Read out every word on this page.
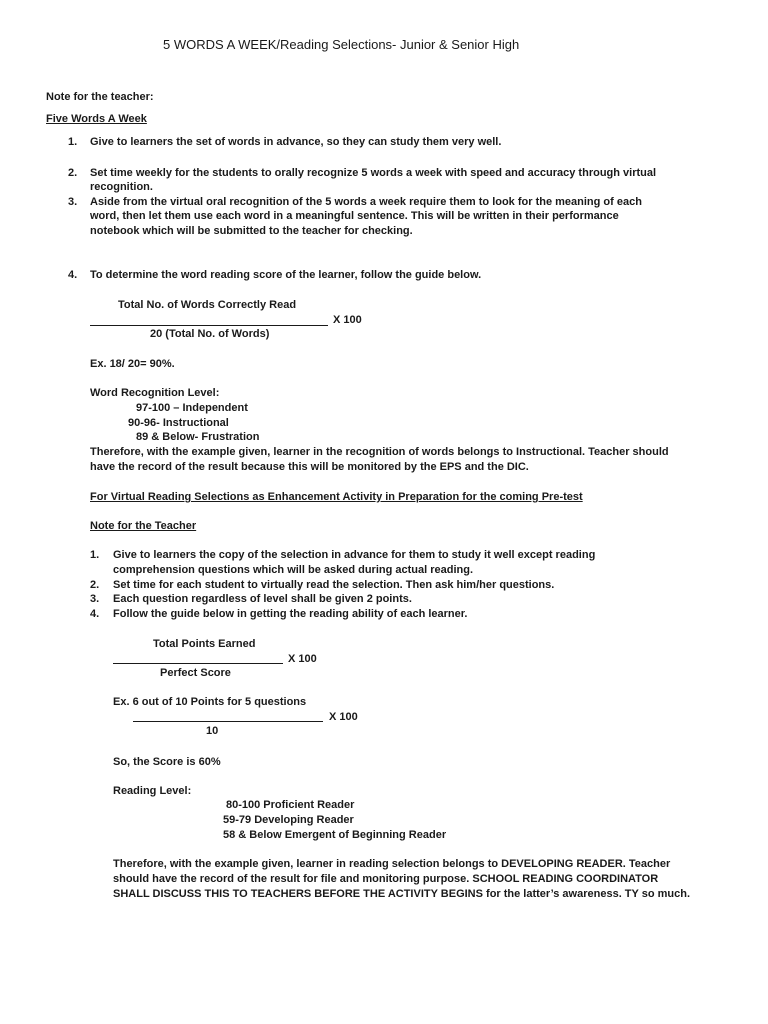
5 WORDS A WEEK/Reading Selections- Junior & Senior High

Note for the teacher:

Five Words A Week

1. Give to learners the set of words in advance, so they can study them very well.

2. Set time weekly for the students to orally recognize 5 words a week with speed and accuracy through virtual

recognition.

3. Aside from the virtual oral recognition of the 5 words a week require them to look for the meaning of each

word, then let them use each word in a meaningful sentence. This will be written in their performance

notebook which will be submitted to the teacher for checking.

4. To determine the word reading score of the learner, follow the guide below.

Total No. of Words Correctly Read

X 100

20 (Total No. of Words)

Ex. 18/ 20= 90%.

Word Recognition Level:

97-100 – Independent

90-96- Instructional

89 & Below- Frustration

Therefore, with the example given, learner in the recognition of words belongs to Instructional. Teacher should

have the record of the result because this will be monitored by the EPS and the DIC.

For Virtual Reading Selections as Enhancement Activity in Preparation for the coming Pre-test

Note for the Teacher

1. Give to learners the copy of the selection in advance for them to study it well except reading

comprehension questions which will be asked during actual reading.

2. Set time for each student to virtually read the selection. Then ask him/her questions.

3. Each question regardless of level shall be given 2 points.

4. Follow the guide below in getting the reading ability of each learner.

Total Points Earned

X 100

Perfect Score

Ex. 6 out of 10 Points for 5 questions

X 100

10

So, the Score is 60%

Reading Level:

80-100 Proficient Reader

59-79 Developing Reader

58 & Below Emergent of Beginning Reader

Therefore, with the example given, learner in reading selection belongs to DEVELOPING READER. Teacher

should have the record of the result for file and monitoring purpose. SCHOOL READING COORDINATOR

SHALL DISCUSS THIS TO TEACHERS BEFORE THE ACTIVITY BEGINS for the latter’s awareness. TY so much.
